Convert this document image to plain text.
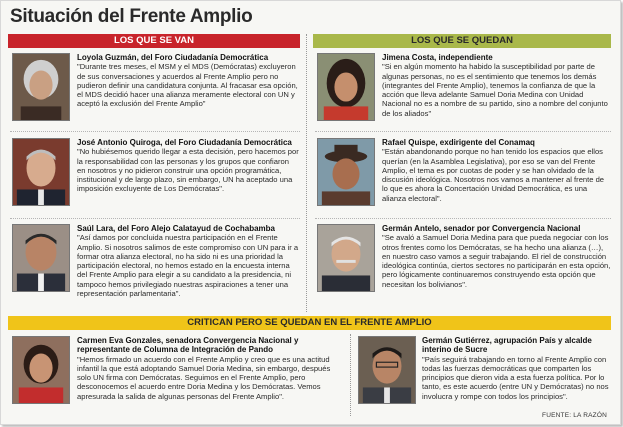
Situación del Frente Amplio
LOS QUE SE VAN	LOS QUE SE QUEDAN
Loyola Guzmán, del Foro Ciudadanía Democrática
"Durante tres meses, el MSM y el MDS (Demócratas) excluyeron de sus conversaciones y acuerdos al Frente Amplio pero no pudieron definir una candidatura conjunta. Al fracasar esa opción, el MDS decidió hacer una alianza meramente electoral con UN y aceptó la exclusión del Frente Amplio"
José Antonio Quiroga, del Foro Ciudadanía Democrática
"No hubiésemos querido llegar a esta decisión, pero hacemos por la responsabilidad con las personas y los grupos que confiaron en nosotros y no pidieron construir una opción programática, institucional y de largo plazo, sin embargo, UN ha aceptado una imposición excluyente de Los Demócratas".
Saúl Lara, del Foro Alejo Calatayud de Cochabamba
"Así damos por concluida nuestra participación en el Frente Amplio. Si nosotros salimos de este compromiso con UN para ir a formar otra alianza electoral, no ha sido ni es una prioridad la participación electoral, no hemos estado en la encuesta interna del Frente Amplio para elegir a su candidato a la presidencia, ni tampoco hemos privilegiado nuestras aspiraciones a tener una representación parlamentaria".
Jimena Costa, independiente
"Si en algún momento ha habido la susceptibilidad por parte de algunas personas, no es el sentimiento que tenemos los demás (integrantes del Frente Amplio), tenemos la confianza de que la acción que lleva adelante Samuel Doria Medina con Unidad Nacional no es a nombre de su partido, sino a nombre del conjunto de los aliados"
Rafael Quispe, exdirigente del Conamaq
"Están abandonando porque no han tenido los espacios que ellos querían (en la Asamblea Legislativa), por eso se van del Frente Amplio, el tema es por cuotas de poder y se han olvidado de la discusión ideológica. Nosotros nos vamos a mantener al frente de lo que es ahora la Concertación Unidad Democrática, es una alianza electoral".
Germán Antelo, senador por Convergencia Nacional
"Se avaló a Samuel Doria Medina para que pueda negociar con los otros frentes como los Demócratas, se ha hecho una alianza (…), en nuestro caso vamos a seguir trabajando. El riel de construcción ideológica continúa, ciertos sectores no participarán en esta opción, pero lógicamente continuaremos construyendo esta opción que necesitan los bolivianos".
CRITICAN PERO SE QUEDAN EN EL FRENTE AMPLIO
Carmen Eva Gonzales, senadora Convergencia Nacional y representante de Columna de Integración de Pando
"Hemos firmado un acuerdo con el Frente Amplio y creo que es una actitud infantil la que está adoptando Samuel Doria Medina, sin embargo, después solo UN firma con Demócratas. Seguimos en el Frente Amplio, pero desconocemos el acuerdo entre Doria Medina y los Demócratas. Vemos apresurada la salida de algunas personas del Frente Amplio".
Germán Gutiérrez, agrupación País y alcalde interino de Sucre
"País seguirá trabajando en torno al Frente Amplio con todas las fuerzas democráticas que comparten los principios que dieron vida a esta fuerza política. Por lo tanto, es este acuerdo (entre UN y Demócratas) no nos involucra y rompe con todos los principios".
FUENTE: LA RAZÓN
